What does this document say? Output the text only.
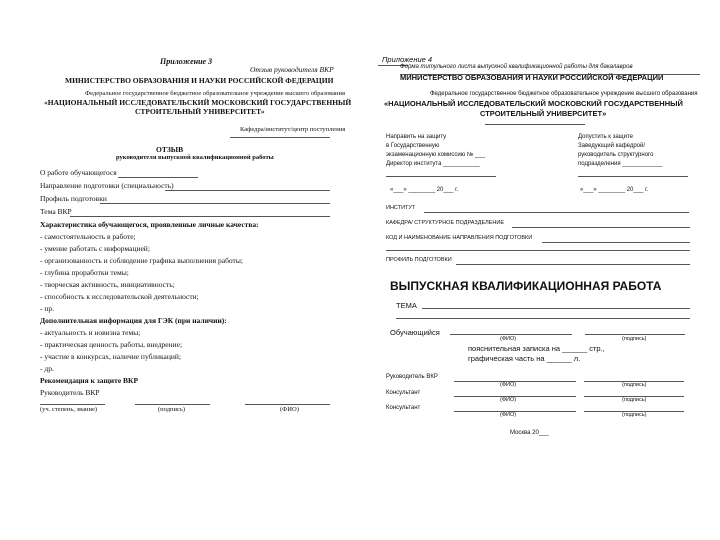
Приложение 3
Отзыв руководителя ВКР
МИНИСТЕРСТВО ОБРАЗОВАНИЯ И НАУКИ РОССИЙСКОЙ ФЕДЕРАЦИИ
Федеральное государственное бюджетное образовательное учреждение высшего образования
«НАЦИОНАЛЬНЫЙ ИССЛЕДОВАТЕЛЬСКИЙ МОСКОВСКИЙ ГОСУДАРСТВЕННЫЙ
СТРОИТЕЛЬНЫЙ УНИВЕРСИТЕТ»
Кафедра/институт/центр поступления
ОТЗЫВ
руководителя выпускной квалификационной работы
О работе обучающегося
Направление подготовки (специальность)
Профиль подготовки
Тема ВКР
Характеристика обучающегося, проявленные личные качества:
- самостоятельность в работе;
- умение работать с информацией;
- организованность и соблюдение графика выполнения работы;
- глубина проработки темы;
- творческая активность, инициативность;
- способность к исследовательской деятельности;
- пр.
Дополнительная информация для ГЭК (при наличии):
- актуальность и новизна темы;
- практическая ценность работы, внедрение;
- участие в конкурсах, наличие публикаций;
- др.
Рекомендация к защите ВКР
Руководитель ВКР
(уч. степень, звание)	(подпись)	(ФИО)
Приложение 4
Форма титульного листа выпускной квалификационной работы для бакалавров
МИНИСТЕРСТВО ОБРАЗОВАНИЯ И НАУКИ РОССИЙСКОЙ ФЕДЕРАЦИИ
Федеральное государственное бюджетное образовательное учреждение высшего образования
«НАЦИОНАЛЬНЫЙ ИССЛЕДОВАТЕЛЬСКИЙ МОСКОВСКИЙ ГОСУДАРСТВЕННЫЙ
СТРОИТЕЛЬНЫЙ УНИВЕРСИТЕТ»
Направить на защиту
в Государственную
экзаменационную комиссию № ___
Директор института ___________
Допустить к защите
Заведующий кафедрой/
руководитель структурного
подразделения ____________
«___» ________ 20___ г.	«___» ________ 20___ г.
ИНСТИТУТ
КАФЕДРА/ СТРУКТУРНОЕ ПОДРАЗДЕЛЕНИЕ
КОД И НАИМЕНОВАНИЕ НАПРАВЛЕНИЯ ПОДГОТОВКИ
ПРОФИЛЬ ПОДГОТОВКИ
ВЫПУСКНАЯ КВАЛИФИКАЦИОННАЯ РАБОТА
ТЕМА
Обучающийся
(ФИО)	(подпись)
пояснительная записка на ______ стр.,
графическая часть на ______ л.
Руководитель ВКР
(ФИО)	(подпись)
Консультант
(ФИО)	(подпись)
Консультант
(ФИО)	(подпись)
Москва 20___
